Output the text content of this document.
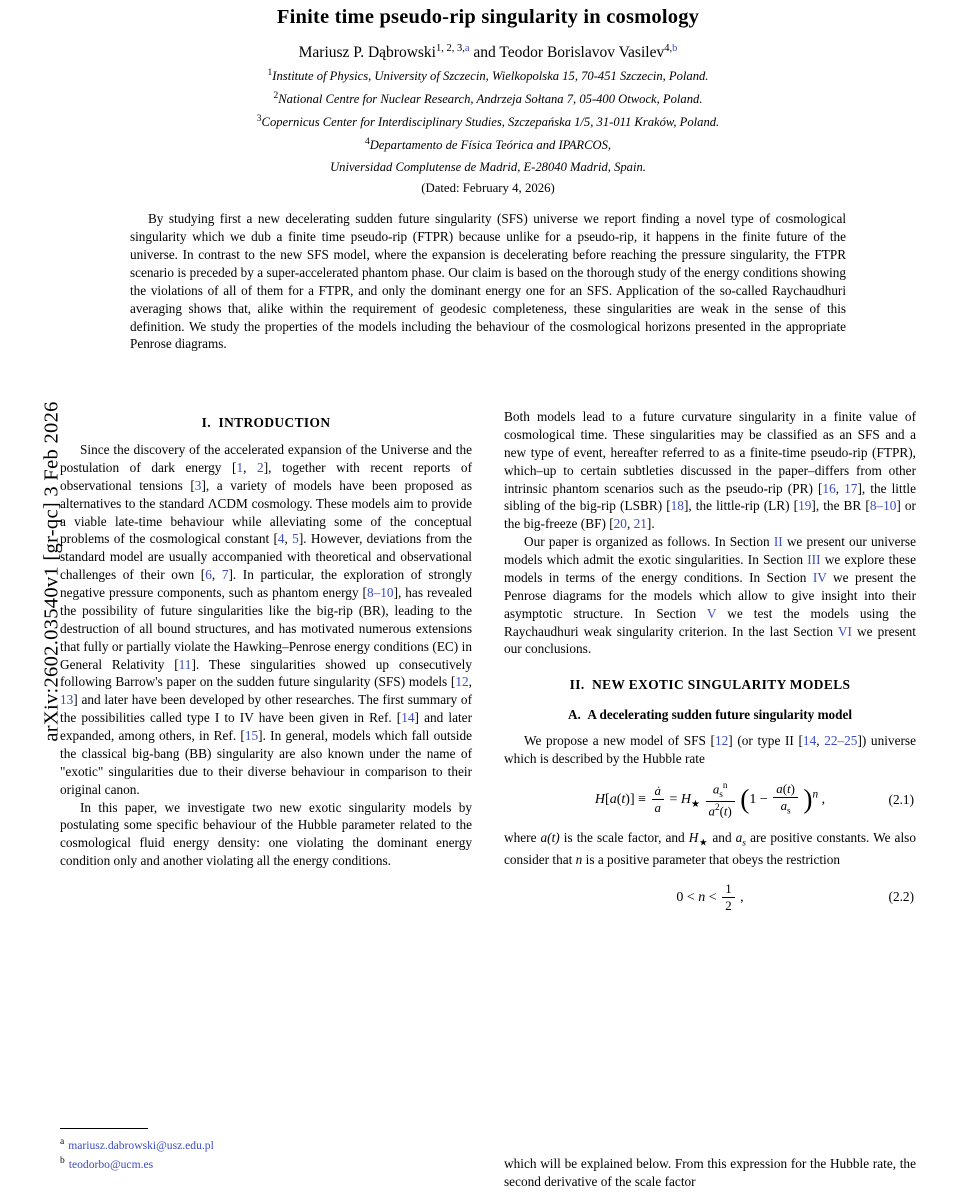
arXiv:2602.03540v1 [gr-qc] 3 Feb 2026
Finite time pseudo-rip singularity in cosmology
Mariusz P. Dąbrowski$^{1, 2, 3,a}$ and Teodor Borislavov Vasilev$^{4,b}$
$^1$Institute of Physics, University of Szczecin, Wielkopolska 15, 70-451 Szczecin, Poland.
$^2$National Centre for Nuclear Research, Andrzeja Sołtana 7, 05-400 Otwock, Poland.
$^3$Copernicus Center for Interdisciplinary Studies, Szczepańska 1/5, 31-011 Kraków, Poland.
$^4$Departamento de Física Teórica and IPARCOS,
Universidad Complutense de Madrid, E-28040 Madrid, Spain.
(Dated: February 4, 2026)
By studying first a new decelerating sudden future singularity (SFS) universe we report finding a novel type of cosmological singularity which we dub a finite time pseudo-rip (FTPR) because unlike for a pseudo-rip, it happens in the finite future of the universe. In contrast to the new SFS model, where the expansion is decelerating before reaching the pressure singularity, the FTPR scenario is preceded by a super-accelerated phantom phase. Our claim is based on the thorough study of the energy conditions showing the violations of all of them for a FTPR, and only the dominant energy one for an SFS. Application of the so-called Raychaudhuri averaging shows that, alike within the requirement of geodesic completeness, these singularities are weak in the sense of this definition. We study the properties of the models including the behaviour of the cosmological horizons presented in the appropriate Penrose diagrams.
I. INTRODUCTION

Since the discovery of the accelerated expansion of the Universe and the postulation of dark energy [1, 2], together with recent reports of observational tensions [3], a variety of models have been proposed as alternatives to the standard ΛCDM cosmology. These models aim to provide a viable late-time behaviour while alleviating some of the conceptual problems of the cosmological constant [4, 5]. However, deviations from the standard model are usually accompanied with theoretical and observational challenges of their own [6, 7]. In particular, the exploration of strongly negative pressure components, such as phantom energy [8–10], has revealed the possibility of future singularities like the big-rip (BR), leading to the destruction of all bound structures, and has motivated numerous extensions that fully or partially violate the Hawking–Penrose energy conditions (EC) in General Relativity [11]. These singularities showed up consecutively following Barrow's paper on the sudden future singularity (SFS) models [12, 13] and later have been developed by other researches. The first summary of the possibilities called type I to IV have been given in Ref. [14] and later expanded, among others, in Ref. [15]. In general, models which fall outside the classical big-bang (BB) singularity are also known under the name of "exotic" singularities due to their diverse behaviour in comparison to their original canon.

In this paper, we investigate two new exotic singularity models by postulating some specific behaviour of the Hubble parameter related to the cosmological fluid energy density: one violating the dominant energy condition only and another violating all the energy conditions.

Both models lead to a future curvature singularity in a finite value of cosmological time. These singularities may be classified as an SFS and a new type of event, hereafter referred to as a finite-time pseudo-rip (FTPR), which–up to certain subtleties discussed in the paper–differs from other intrinsic phantom scenarios such as the pseudo-rip (PR) [16, 17], the little sibling of the big-rip (LSBR) [18], the little-rip (LR) [19], the BR [8–10] or the big-freeze (BF) [20, 21].

Our paper is organized as follows. In Section II we present our universe models which admit the exotic singularities. In Section III we explore these models in terms of the energy conditions. In Section IV we present the Penrose diagrams for the models which allow to give insight into their asymptotic structure. In Section V we test the models using the Raychaudhuri weak singularity criterion. In the last Section VI we present our conclusions.

II. NEW EXOTIC SINGULARITY MODELS
A. A decelerating sudden future singularity model

We propose a new model of SFS [12] (or type II [14, 22–25]) universe which is described by the Hubble rate

$H[a(t)] \equiv \frac{ȧ}{a} = H_★ \frac{a_s^n}{a^2(t)} (1 - \frac{a(t)}{a_s} )^n$ ,	(2.1)

where a(t) is the scale factor, and $H_★$ and $a_s$ are positive constants. We also consider that n is a positive parameter that obeys the restriction

$0 < n < \frac{1}{2}$ ,	(2.2)
$^a$ mariusz.dabrowski@usz.edu.pl
$^b$ teodorbo@ucm.es	which will be explained below. From this expression for the Hubble rate, the second derivative of the scale factor
